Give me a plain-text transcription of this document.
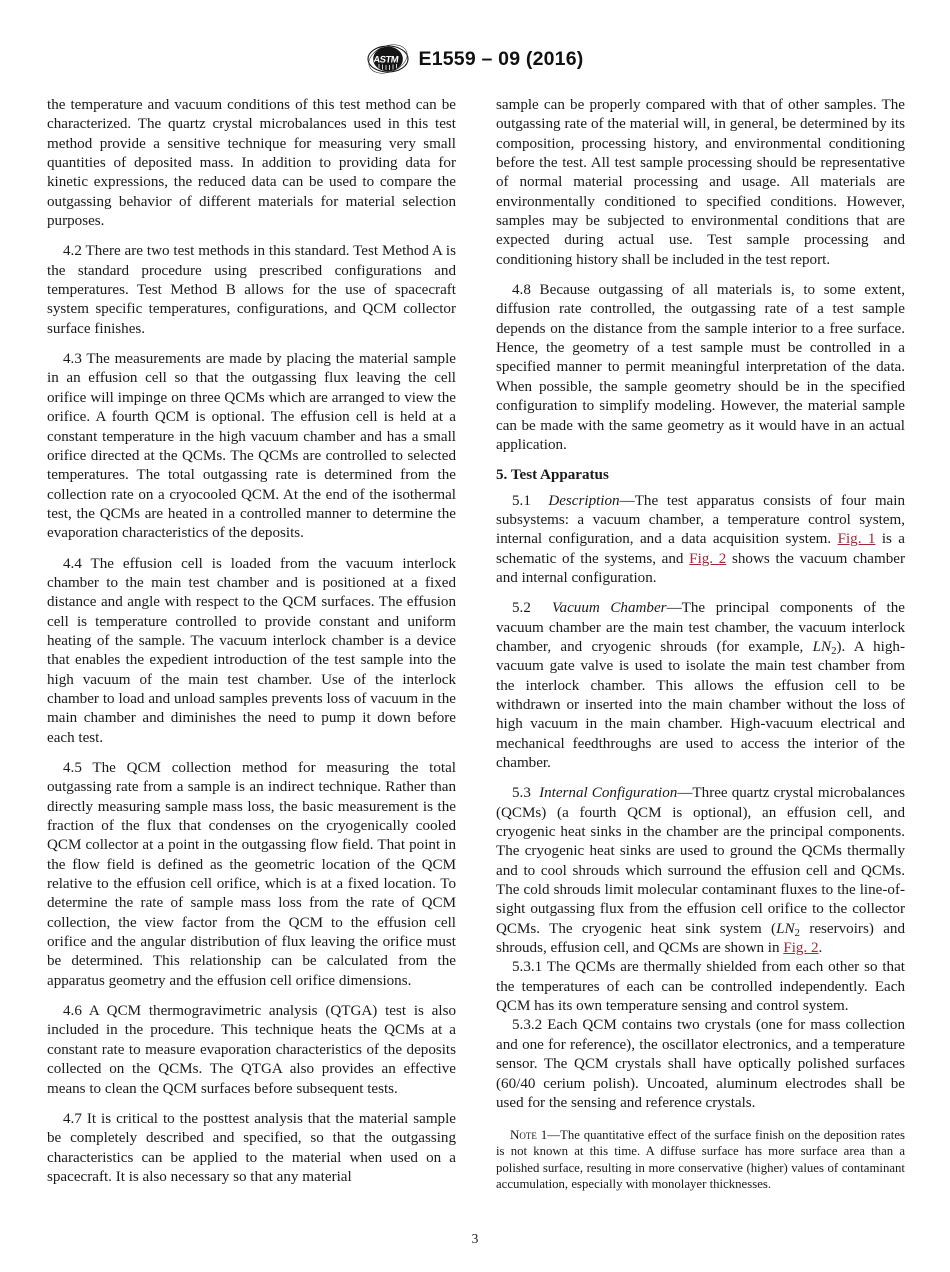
ASTM E1559 – 09 (2016)

the temperature and vacuum conditions of this test method can be characterized. The quartz crystal microbalances used in this test method provide a sensitive technique for measuring very small quantities of deposited mass. In addition to providing data for kinetic expressions, the reduced data can be used to compare the outgassing behavior of different materials for material selection purposes.

4.2 There are two test methods in this standard. Test Method A is the standard procedure using prescribed configurations and temperatures. Test Method B allows for the use of spacecraft system specific temperatures, configurations, and QCM collector surface finishes.

4.3 The measurements are made by placing the material sample in an effusion cell so that the outgassing flux leaving the cell orifice will impinge on three QCMs which are arranged to view the orifice. A fourth QCM is optional. The effusion cell is held at a constant temperature in the high vacuum chamber and has a small orifice directed at the QCMs. The QCMs are controlled to selected temperatures. The total outgassing rate is determined from the collection rate on a cryocooled QCM. At the end of the isothermal test, the QCMs are heated in a controlled manner to determine the evaporation characteristics of the deposits.

4.4 The effusion cell is loaded from the vacuum interlock chamber to the main test chamber and is positioned at a fixed distance and angle with respect to the QCM surfaces. The effusion cell is temperature controlled to provide constant and uniform heating of the sample. The vacuum interlock chamber is a device that enables the expedient introduction of the test sample into the high vacuum of the main test chamber. Use of the interlock chamber to load and unload samples prevents loss of vacuum in the main chamber and diminishes the need to pump it down before each test.

4.5 The QCM collection method for measuring the total outgassing rate from a sample is an indirect technique. Rather than directly measuring sample mass loss, the basic measurement is the fraction of the flux that condenses on the cryogenically cooled QCM collector at a point in the outgassing flow field. That point in the flow field is defined as the geometric location of the QCM relative to the effusion cell orifice, which is at a fixed location. To determine the rate of sample mass loss from the rate of QCM collection, the view factor from the QCM to the effusion cell orifice and the angular distribution of flux leaving the orifice must be determined. This relationship can be calculated from the apparatus geometry and the effusion cell orifice dimensions.

4.6 A QCM thermogravimetric analysis (QTGA) test is also included in the procedure. This technique heats the QCMs at a constant rate to measure evaporation characteristics of the deposits collected on the QCMs. The QTGA also provides an effective means to clean the QCM surfaces before subsequent tests.

4.7 It is critical to the posttest analysis that the material sample be completely described and specified, so that the outgassing characteristics can be applied to the material when used on a spacecraft. It is also necessary so that any material

sample can be properly compared with that of other samples. The outgassing rate of the material will, in general, be determined by its composition, processing history, and environmental conditioning before the test. All test sample processing should be representative of normal material processing and usage. All materials are environmentally conditioned to specified conditions. However, samples may be subjected to environmental conditions that are expected during actual use. Test sample processing and conditioning history shall be included in the test report.

4.8 Because outgassing of all materials is, to some extent, diffusion rate controlled, the outgassing rate of a test sample depends on the distance from the sample interior to a free surface. Hence, the geometry of a test sample must be controlled in a specified manner to permit meaningful interpretation of the data. When possible, the sample geometry should be in the specified configuration to simplify modeling. However, the material sample can be made with the same geometry as it would have in an actual application.

5. Test Apparatus

5.1 Description—The test apparatus consists of four main subsystems: a vacuum chamber, a temperature control system, internal configuration, and a data acquisition system. Fig. 1 is a schematic of the systems, and Fig. 2 shows the vacuum chamber and internal configuration.

5.2 Vacuum Chamber—The principal components of the vacuum chamber are the main test chamber, the vacuum interlock chamber, and cryogenic shrouds (for example, $LN_2$). A high-vacuum gate valve is used to isolate the main test chamber from the interlock chamber. This allows the effusion cell to be withdrawn or inserted into the main chamber without the loss of high vacuum in the main chamber. High-vacuum electrical and mechanical feedthroughs are used to access the interior of the chamber.

5.3 Internal Configuration—Three quartz crystal microbalances (QCMs) (a fourth QCM is optional), an effusion cell, and cryogenic heat sinks in the chamber are the principal components. The cryogenic heat sinks are used to ground the QCMs thermally and to cool shrouds which surround the effusion cell and QCMs. The cold shrouds limit molecular contaminant fluxes to the line-of-sight outgassing flux from the effusion cell orifice to the collector QCMs. The cryogenic heat sink system ($LN_2$ reservoirs) and shrouds, effusion cell, and QCMs are shown in Fig. 2.

5.3.1 The QCMs are thermally shielded from each other so that the temperatures of each can be controlled independently. Each QCM has its own temperature sensing and control system.

5.3.2 Each QCM contains two crystals (one for mass collection and one for reference), the oscillator electronics, and a temperature sensor. The QCM crystals shall have optically polished surfaces (60/40 cerium polish). Uncoated, aluminum electrodes shall be used for the sensing and reference crystals.

Note 1—The quantitative effect of the surface finish on the deposition rates is not known at this time. A diffuse surface has more surface area than a polished surface, resulting in more conservative (higher) values of contaminant accumulation, especially with monolayer thicknesses.

3
